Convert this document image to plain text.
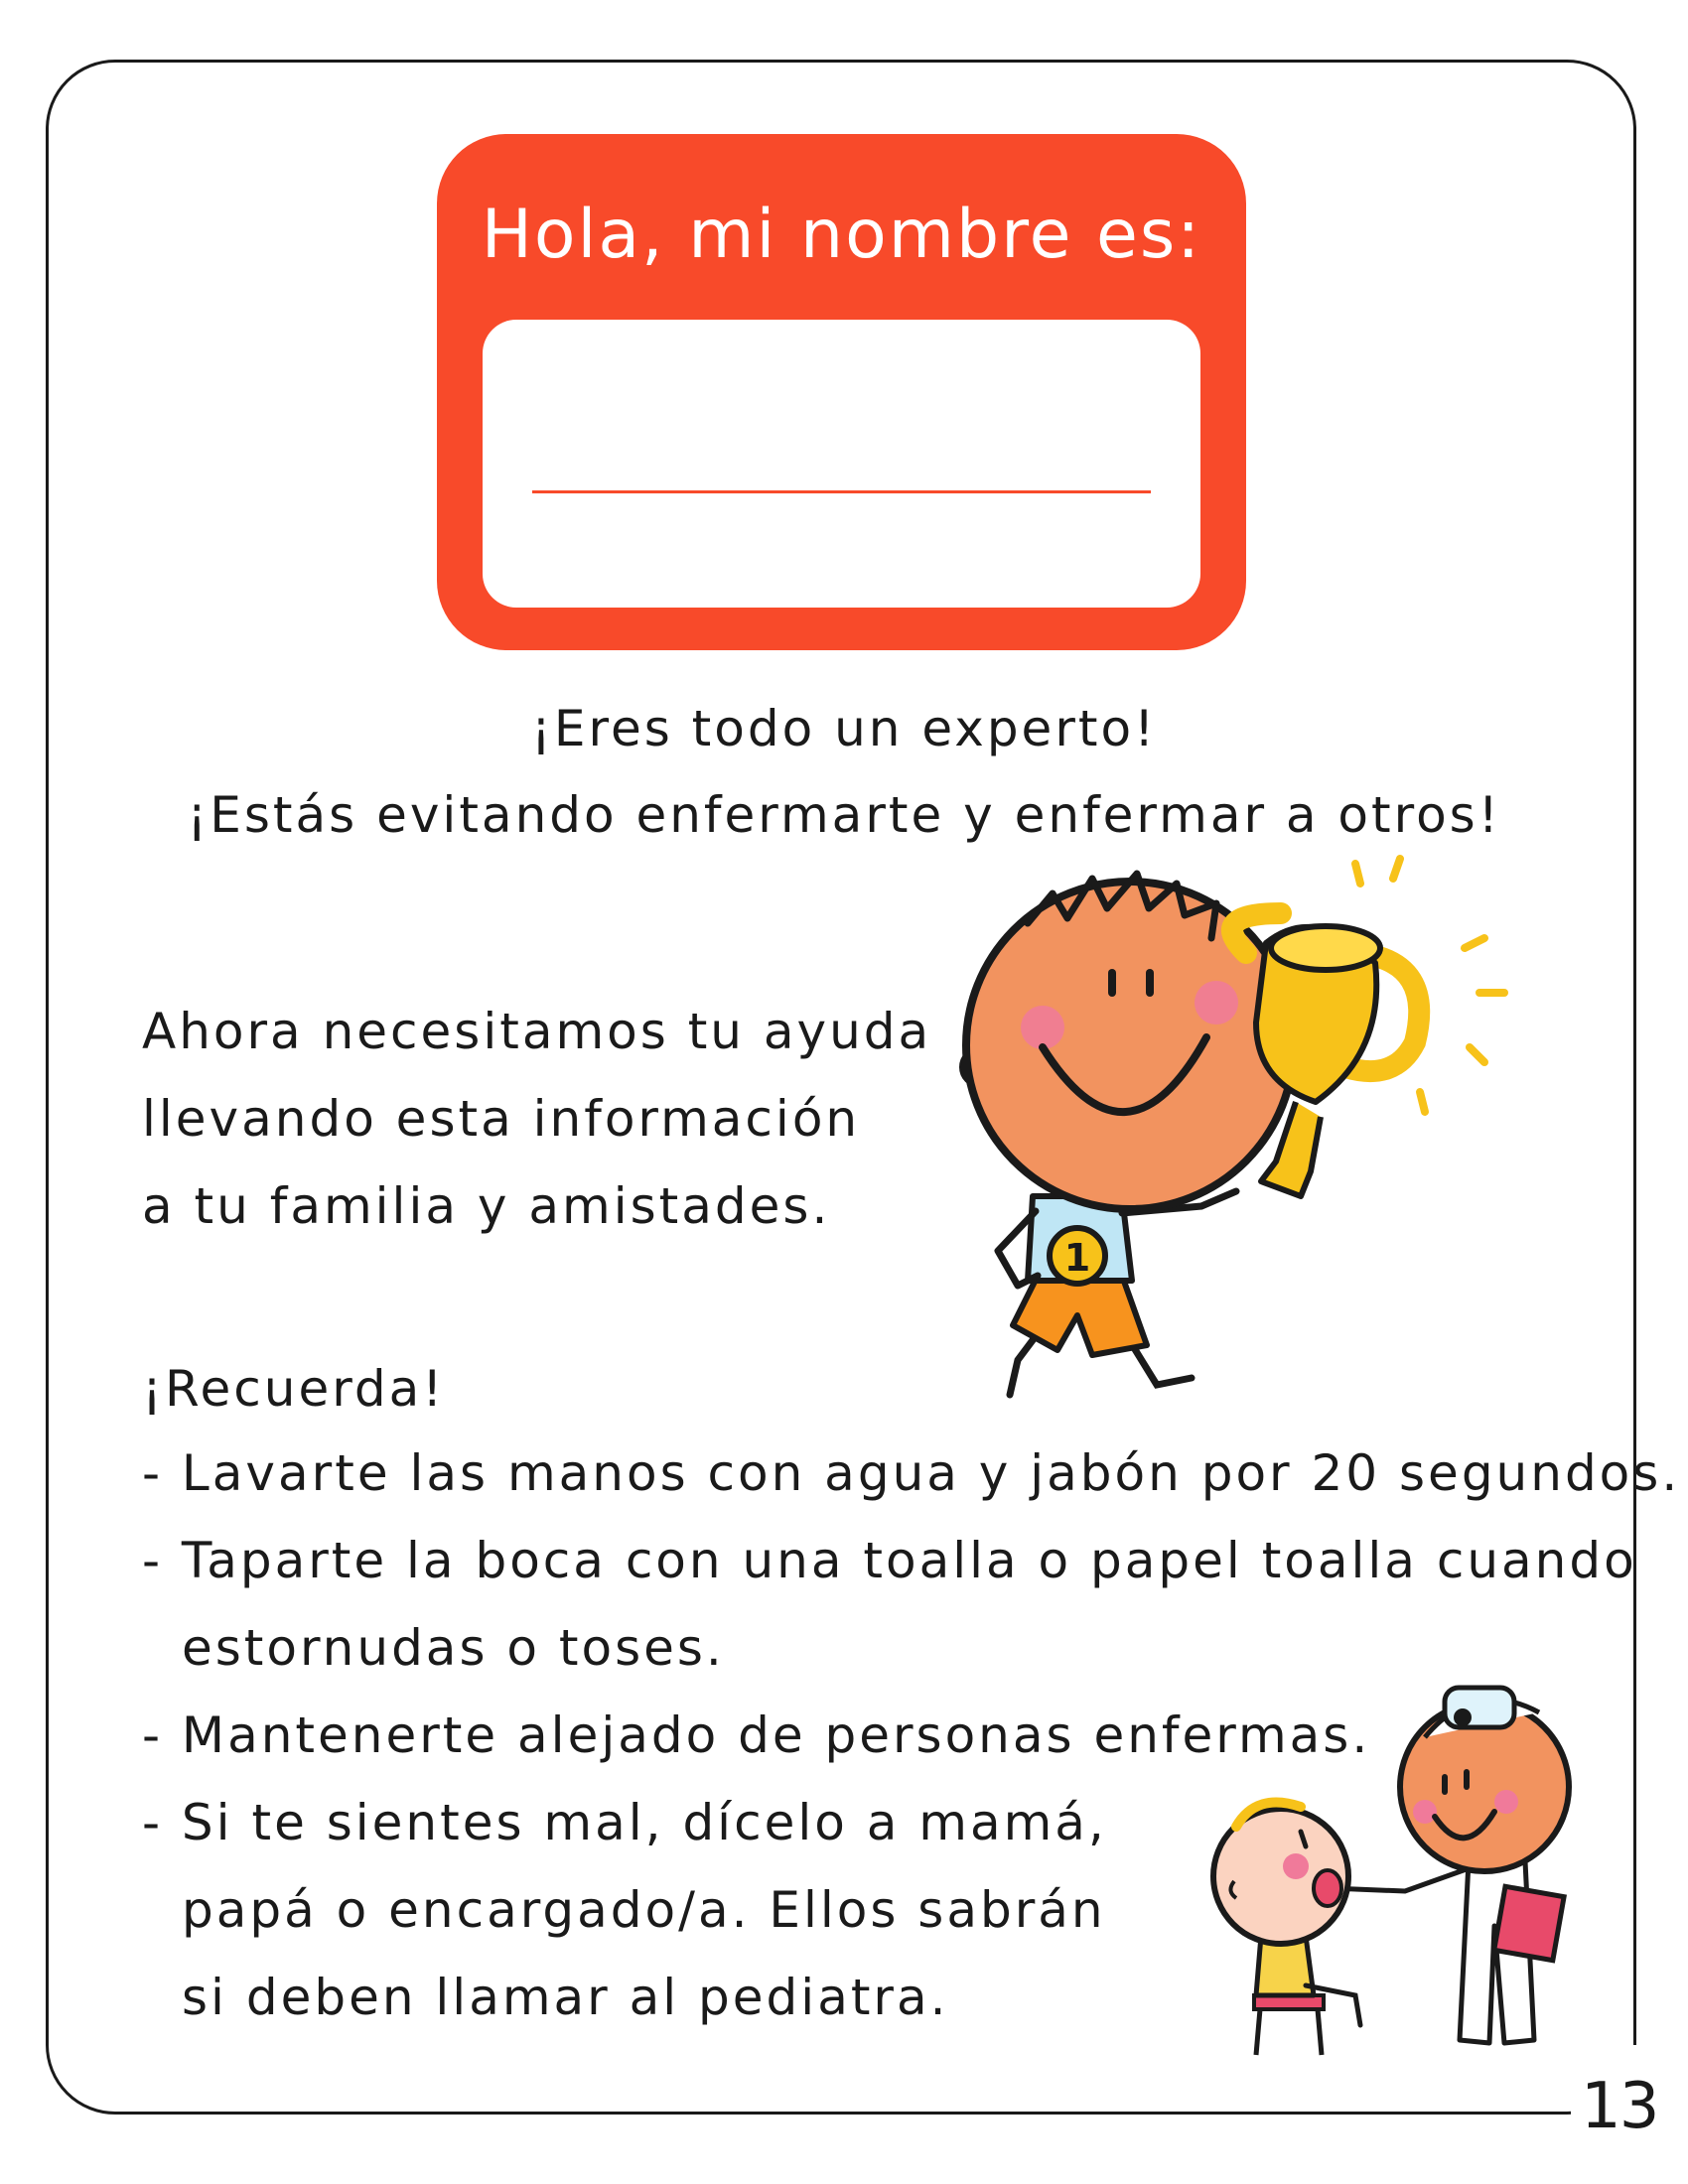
13
Hola, mi nombre es:
¡Eres todo un experto!
¡Estás evitando enfermarte y enfermar a otros!
Ahora necesitamos tu ayuda
llevando esta información
a tu familia y amistades.
¡Recuerda!
- Lavarte las manos con agua y jabón por 20 segundos.
- Taparte la boca con una toalla o papel toalla cuando
estornudas o toses.
- Mantenerte alejado de personas enfermas.
- Si te sientes mal, dícelo a mamá,
papá o encargado/a. Ellos sabrán
si deben llamar al pediatra.
1
